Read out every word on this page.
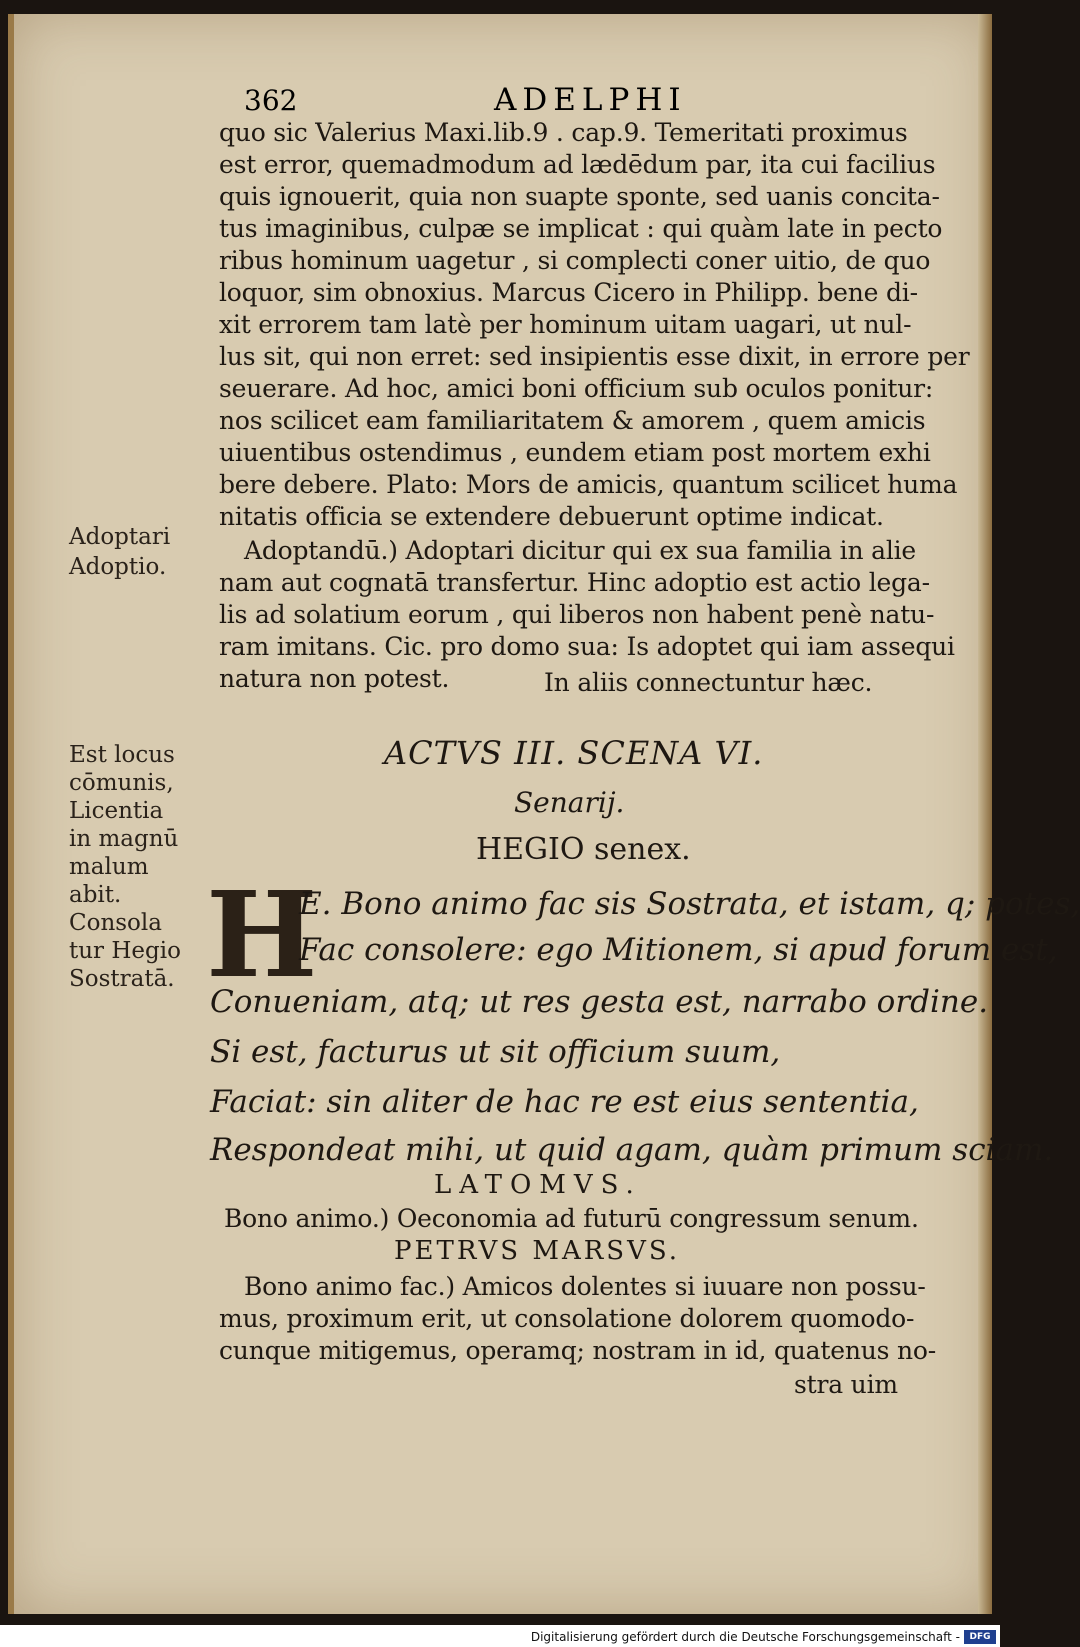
362	ADELPHI
quo sic Valerius Maxi.lib.9 . cap.9. Temeritati proximus
est error, quemadmodum ad lædēdum par, ita cui facilius
quis ignouerit, quia non suapte sponte, sed uanis concita-
tus imaginibus, culpæ se implicat : qui quàm late in pecto
ribus hominum uagetur , si complecti coner uitio, de quo
loquor, sim obnoxius. Marcus Cicero in Philipp. bene di-
xit errorem tam latè per hominum uitam uagari, ut nul-
lus sit, qui non erret: sed insipientis esse dixit, in errore per
seuerare. Ad hoc, amici boni officium sub oculos ponitur:
nos scilicet eam familiaritatem & amorem , quem amicis
uiuentibus ostendimus , eundem etiam post mortem exhi
bere debere. Plato: Mors de amicis, quantum scilicet huma
nitatis officia se extendere debuerunt optime indicat.
Adoptandū.) Adoptari dicitur qui ex sua familia in alie
nam aut cognatā transfertur. Hinc adoptio est actio lega-
lis ad solatium eorum , qui liberos non habent penè natu-
ram imitans. Cic. pro domo sua: Is adoptet qui iam assequi
natura non potest.	In aliis connectuntur hæc.
Adoptari
Adoptio.
Est locus
cōmunis,
Licentia
in magnū
malum
abit.
Consola
tur Hegio
Sostratā.
ACTVS III. SCENA VI.
Senarij.
HEGIO senex.
H
E. Bono animo fac sis Sostrata, et istam, q; potes,
Fac consolere: ego Mitionem, si apud forum est,
Conueniam, atq; ut res gesta est, narrabo ordine.
Si est, facturus ut sit officium suum,
Faciat: sin aliter de hac re est eius sententia,
Respondeat mihi, ut quid agam, quàm primum sciam.
LATOMVS.
Bono animo.) Oeconomia ad futurū congressum senum.
PETRVS MARSVS.
Bono animo fac.) Amicos dolentes si iuuare non possu-
mus, proximum erit, ut consolatione dolorem quomodo-
cunque mitigemus, operamq; nostram in id, quatenus no-
stra uim
Digitalisierung gefördert durch die Deutsche Forschungsgemeinschaft -	DFG
